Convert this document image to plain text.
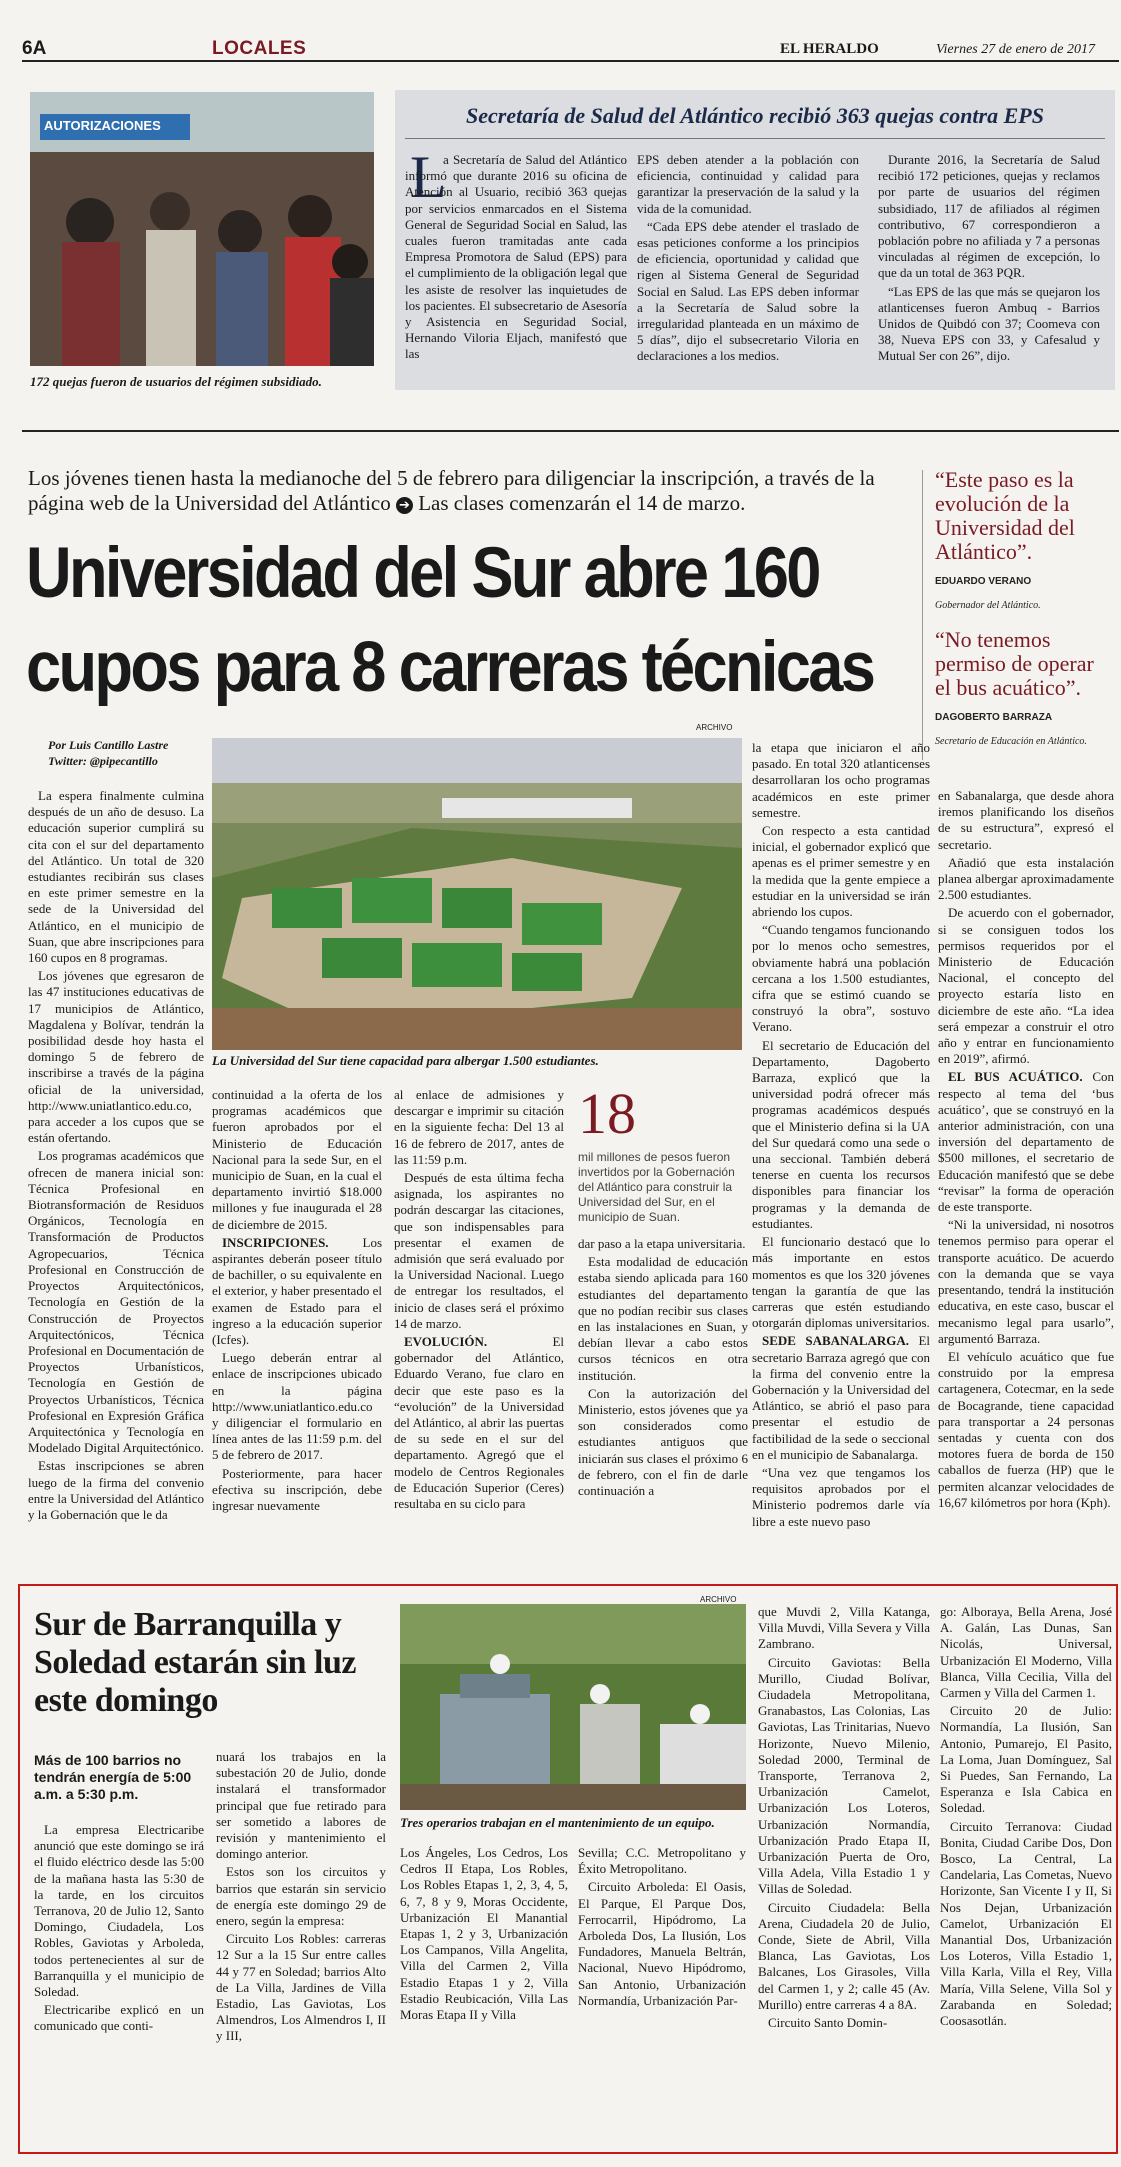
6A	LOCALES	EL HERALDO	Viernes 27 de enero de 2017
AUTORIZACIONES
172 quejas fueron de usuarios del régimen subsidiado.
Secretaría de Salud del Atlántico recibió 363 quejas contra EPS
L

a Secretaría de Salud del Atlántico informó que durante 2016 su oficina de Atención al Usuario, recibió 363 quejas por servicios enmarcados en el Sistema General de Seguridad Social en Salud, las cuales fueron tramitadas ante cada Empresa Promotora de Salud (EPS) para el cumplimiento de la obligación legal que les asiste de resolver las inquietudes de los pacientes. El subsecretario de Asesoría y Asistencia en Seguridad Social, Hernando Viloria Eljach, manifestó que las

EPS deben atender a la población con eficiencia, continuidad y calidad para garantizar la preservación de la salud y la vida de la comunidad.

“Cada EPS debe atender el traslado de esas peticiones conforme a los principios de eficiencia, oportunidad y calidad que rigen al Sistema General de Seguridad Social en Salud. Las EPS deben informar a la Secretaría de Salud sobre la irregularidad planteada en un máximo de 5 días”, dijo el subsecretario Viloria en declaraciones a los medios.

Durante 2016, la Secretaría de Salud recibió 172 peticiones, quejas y reclamos por parte de usuarios del régimen subsidiado, 117 de afiliados al régimen contributivo, 67 correspondieron a población pobre no afiliada y 7 a personas vinculadas al régimen de excepción, lo que da un total de 363 PQR.

“Las EPS de las que más se quejaron los atlanticenses fueron Ambuq - Barrios Unidos de Quibdó con 37; Coomeva con 38, Nueva EPS con 33, y Cafesalud y Mutual Ser con 26”, dijo.

Los jóvenes tienen hasta la medianoche del 5 de febrero para diligenciar la inscripción, a través de la página web de la Universidad del Atlántico ➔ Las clases comenzarán el 14 de marzo.
Universidad del Sur abre 160
cupos para 8 carreras técnicas
“Este paso es la evolución de la Universidad del Atlántico”.
EDUARDO VERANO
Gobernador del Atlántico.
“No tenemos permiso de operar el bus acuático”.
DAGOBERTO BARRAZA
Secretario de Educación en Atlántico.
Por Luis Cantillo Lastre
Twitter: @pipecantillo
ARCHIVO
La Universidad del Sur tiene capacidad para albergar 1.500 estudiantes.

La espera finalmente culmina después de un año de desuso. La educación superior cumplirá su cita con el sur del departamento del Atlántico. Un total de 320 estudiantes recibirán sus clases en este primer semestre en la sede de la Universidad del Atlántico, en el municipio de Suan, que abre inscripciones para 160 cupos en 8 programas.

Los jóvenes que egresaron de las 47 instituciones educativas de 17 municipios de Atlántico, Magdalena y Bolívar, tendrán la posibilidad desde hoy hasta el domingo 5 de febrero de inscribirse a través de la página oficial de la universidad, http://www.uniatlantico.edu.co, para acceder a los cupos que se están ofertando.

Los programas académicos que ofrecen de manera inicial son: Técnica Profesional en Biotransformación de Residuos Orgánicos, Tecnología en Transformación de Productos Agropecuarios, Técnica Profesional en Construcción de Proyectos Arquitectónicos, Tecnología en Gestión de la Construcción de Proyectos Arquitectónicos, Técnica Profesional en Documentación de Proyectos Urbanísticos, Tecnología en Gestión de Proyectos Urbanísticos, Técnica Profesional en Expresión Gráfica Arquitectónica y Tecnología en Modelado Digital Arquitectónico.

Estas inscripciones se abren luego de la firma del convenio entre la Universidad del Atlántico y la Gobernación que le da

continuidad a la oferta de los programas académicos que fueron aprobados por el Ministerio de Educación Nacional para la sede Sur, en el municipio de Suan, en la cual el departamento invirtió $18.000 millones y fue inaugurada el 28 de diciembre de 2015.

INSCRIPCIONES. Los aspirantes deberán poseer título de bachiller, o su equivalente en el exterior, y haber presentado el examen de Estado para el ingreso a la educación superior (Icfes).

Luego deberán entrar al enlace de inscripciones ubicado en la página http://www.uniatlantico.edu.co y diligenciar el formulario en línea antes de las 11:59 p.m. del 5 de febrero de 2017.

Posteriormente, para hacer efectiva su inscripción, debe ingresar nuevamente

al enlace de admisiones y descargar e imprimir su citación en la siguiente fecha: Del 13 al 16 de febrero de 2017, antes de las 11:59 p.m.

Después de esta última fecha asignada, los aspirantes no podrán descargar las citaciones, que son indispensables para presentar el examen de admisión que será evaluado por la Universidad Nacional. Luego de entregar los resultados, el inicio de clases será el próximo 14 de marzo.

EVOLUCIÓN. El gobernador del Atlántico, Eduardo Verano, fue claro en decir que este paso es la “evolución” de la Universidad del Atlántico, al abrir las puertas de su sede en el sur del departamento. Agregó que el modelo de Centros Regionales de Educación Superior (Ceres) resultaba en su ciclo para

18
mil millones de pesos fueron invertidos por la Gobernación del Atlántico para construir la Universidad del Sur, en el municipio de Suan.

dar paso a la etapa universitaria.

Esta modalidad de educación estaba siendo aplicada para 160 estudiantes del departamento que no podían recibir sus clases en las instalaciones en Suan, y debían llevar a cabo estos cursos técnicos en otra institución.

Con la autorización del Ministerio, estos jóvenes que ya son considerados como estudiantes antiguos que iniciarán sus clases el próximo 6 de febrero, con el fin de darle continuación a

la etapa que iniciaron el año pasado. En total 320 atlanticenses desarrollaran los ocho programas académicos en este primer semestre.

Con respecto a esta cantidad inicial, el gobernador explicó que apenas es el primer semestre y en la medida que la gente empiece a estudiar en la universidad se irán abriendo los cupos.

“Cuando tengamos funcionando por lo menos ocho semestres, obviamente habrá una población cercana a los 1.500 estudiantes, cifra que se estimó cuando se construyó la obra”, sostuvo Verano.

El secretario de Educación del Departamento, Dagoberto Barraza, explicó que la universidad podrá ofrecer más programas académicos después que el Ministerio defina si la UA del Sur quedará como una sede o una seccional. También deberá tenerse en cuenta los recursos disponibles para financiar los programas y la demanda de estudiantes.

El funcionario destacó que lo más importante en estos momentos es que los 320 jóvenes tengan la garantía de que las carreras que estén estudiando otorgarán diplomas universitarios.

SEDE SABANALARGA. El secretario Barraza agregó que con la firma del convenio entre la Gobernación y la Universidad del Atlántico, se abrió el paso para presentar el estudio de factibilidad de la sede o seccional en el municipio de Sabanalarga.

“Una vez que tengamos los requisitos aprobados por el Ministerio podremos darle vía libre a este nuevo paso

en Sabanalarga, que desde ahora iremos planificando los diseños de su estructura”, expresó el secretario.

Añadió que esta instalación planea albergar aproximadamente 2.500 estudiantes.

De acuerdo con el gobernador, si se consiguen todos los permisos requeridos por el Ministerio de Educación Nacional, el concepto del proyecto estaría listo en diciembre de este año. “La idea será empezar a construir el otro año y entrar en funcionamiento en 2019”, afirmó.

EL BUS ACUÁTICO. Con respecto al tema del ‘bus acuático’, que se construyó en la anterior administración, con una inversión del departamento de $500 millones, el secretario de Educación manifestó que se debe “revisar” la forma de operación de este transporte.

“Ni la universidad, ni nosotros tenemos permiso para operar el transporte acuático. De acuerdo con la demanda que se vaya presentando, tendrá la institución educativa, en este caso, buscar el mecanismo legal para usarlo”, argumentó Barraza.

El vehículo acuático que fue construido por la empresa cartagenera, Cotecmar, en la sede de Bocagrande, tiene capacidad para transportar a 24 personas sentadas y cuenta con dos motores fuera de borda de 150 caballos de fuerza (HP) que le permiten alcanzar velocidades de 16,67 kilómetros por hora (Kph).

Sur de Barranquilla y Soledad estarán sin luz este domingo
Más de 100 barrios no tendrán energía de 5:00 a.m. a 5:30 p.m.
ARCHIVO
Tres operarios trabajan en el mantenimiento de un equipo.

La empresa Electricaribe anunció que este domingo se irá el fluido eléctrico desde las 5:00 de la mañana hasta las 5:30 de la tarde, en los circuitos Terranova, 20 de Julio 12, Santo Domingo, Ciudadela, Los Robles, Gaviotas y Arboleda, todos pertenecientes al sur de Barranquilla y el municipio de Soledad.

Electricaribe explicó en un comunicado que conti-

nuará los trabajos en la subestación 20 de Julio, donde instalará el transformador principal que fue retirado para ser sometido a labores de revisión y mantenimiento el domingo anterior.

Estos son los circuitos y barrios que estarán sin servicio de energía este domingo 29 de enero, según la empresa:

Circuito Los Robles: carreras 12 Sur a la 15 Sur entre calles 44 y 77 en Soledad; barrios Alto de La Villa, Jardines de Villa Estadio, Las Gaviotas, Los Almendros, Los Almendros I, II y III,

Los Ángeles, Los Cedros, Los Cedros II Etapa, Los Robles, Los Robles Etapas 1, 2, 3, 4, 5, 6, 7, 8 y 9, Moras Occidente, Urbanización El Manantial Etapas 1, 2 y 3, Urbanización Los Campanos, Villa Angelita, Villa del Carmen 2, Villa Estadio Etapas 1 y 2, Villa Estadio Reubicación, Villa Las Moras Etapa II y Villa

Sevilla; C.C. Metropolitano y Éxito Metropolitano.

Circuito Arboleda: El Oasis, El Parque, El Parque Dos, Ferrocarril, Hipódromo, La Arboleda Dos, La Ilusión, Los Fundadores, Manuela Beltrán, Nacional, Nuevo Hipódromo, San Antonio, Urbanización Normandía, Urbanización Par-

que Muvdi 2, Villa Katanga, Villa Muvdi, Villa Severa y Villa Zambrano.

Circuito Gaviotas: Bella Murillo, Ciudad Bolívar, Ciudadela Metropolitana, Granabastos, Las Colonias, Las Gaviotas, Las Trinitarias, Nuevo Horizonte, Nuevo Milenio, Soledad 2000, Terminal de Transporte, Terranova 2, Urbanización Camelot, Urbanización Los Loteros, Urbanización Normandía, Urbanización Prado Etapa II, Urbanización Puerta de Oro, Villa Adela, Villa Estadio 1 y Villas de Soledad.

Circuito Ciudadela: Bella Arena, Ciudadela 20 de Julio, Conde, Siete de Abril, Villa Blanca, Las Gaviotas, Los Balcanes, Los Girasoles, Villa del Carmen 1, y 2; calle 45 (Av. Murillo) entre carreras 4 a 8A.

Circuito Santo Domin-

go: Alboraya, Bella Arena, José A. Galán, Las Dunas, San Nicolás, Universal, Urbanización El Moderno, Villa Blanca, Villa Cecilia, Villa del Carmen y Villa del Carmen 1.

Circuito 20 de Julio: Normandía, La Ilusión, San Antonio, Pumarejo, El Pasito, La Loma, Juan Domínguez, Sal Si Puedes, San Fernando, La Esperanza e Isla Cabica en Soledad.

Circuito Terranova: Ciudad Bonita, Ciudad Caribe Dos, Don Bosco, La Central, La Candelaria, Las Cometas, Nuevo Horizonte, San Vicente I y II, Si Nos Dejan, Urbanización Camelot, Urbanización El Manantial Dos, Urbanización Los Loteros, Villa Estadio 1, Villa Karla, Villa el Rey, Villa María, Villa Selene, Villa Sol y Zarabanda en Soledad; Coosasotlán.
